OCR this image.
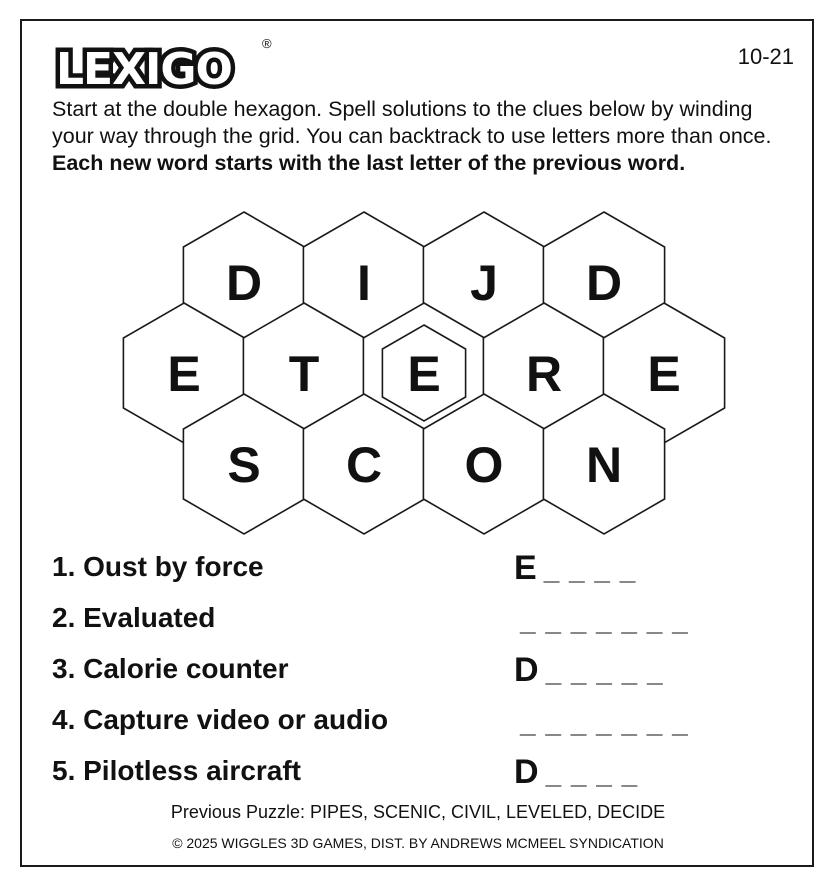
LEXIGO
®
10-21
Start at the double hexagon. Spell solutions to the clues below by winding your way through the grid. You can backtrack to use letters more than once. Each new word starts with the last letter of the previous word.
D I J D
E T E R E
S C O N
1. Oust by force	E _ _ _ _
2. Evaluated	_ _ _ _ _ _ _
3. Calorie counter	D _ _ _ _ _
4. Capture video or audio	_ _ _ _ _ _ _
5. Pilotless aircraft	D _ _ _ _
Previous Puzzle: PIPES, SCENIC, CIVIL, LEVELED, DECIDE
© 2025 WIGGLES 3D GAMES, DIST. BY ANDREWS MCMEEL SYNDICATION
